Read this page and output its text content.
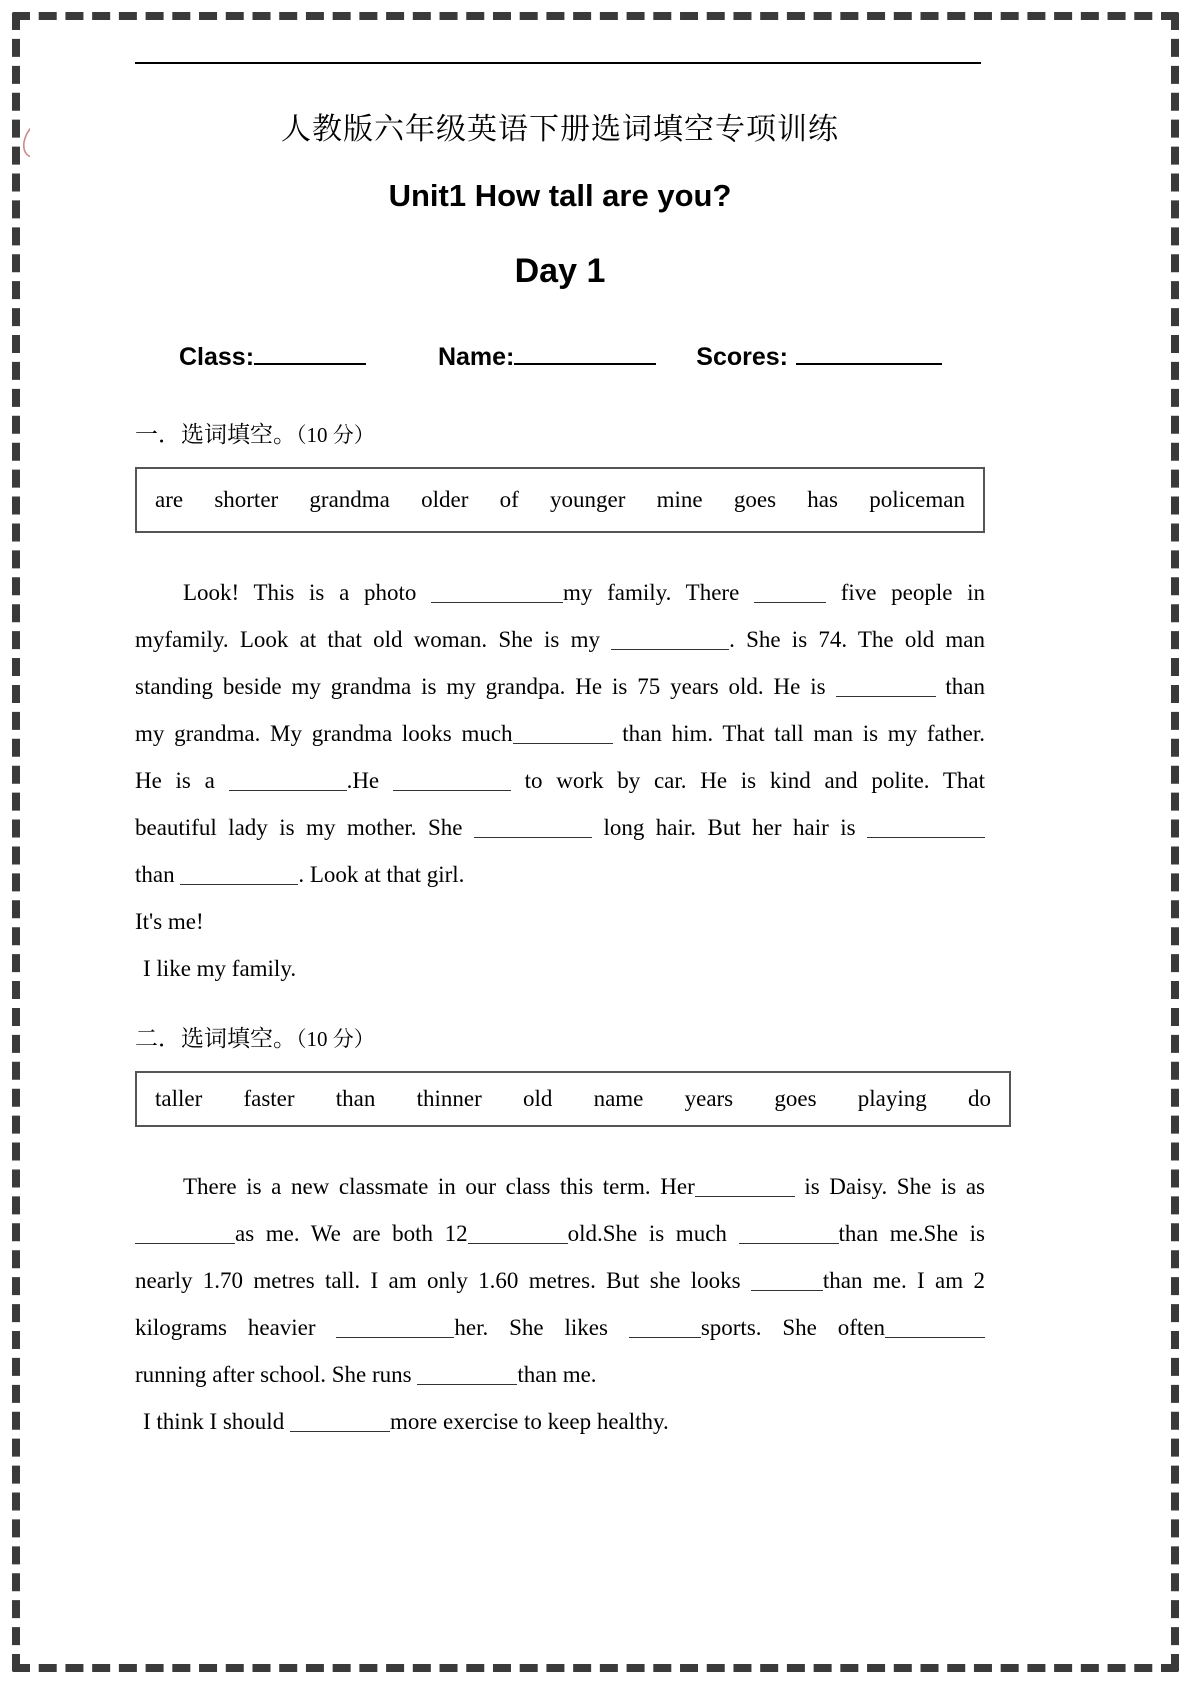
人教版六年级英语下册选词填空专项训练
Unit1 How tall are you?
Day 1
Class:	Name:	Scores:
一．选词填空。（10 分）
are shorter grandma older of younger mine goes has policeman

Look! This is a photo	my family. There	five people in

myfamily. Look at that old woman. She is my	. She is 74. The old man

standing beside my grandma is my grandpa. He is 75 years old. He is	than

my grandma. My grandma looks much	than him. That tall man is my father.

He is a	.He	to work by car. He is kind and polite. That

beautiful lady is my mother. She	long hair. But her hair is

than	. Look at that girl.

It's me!

I like my family.

二．选词填空。（10 分）
taller faster than thinner old name years goes playing do

There is a new classmate in our class this term. Her	is Daisy. She is as

as me. We are both 12	old.She is much	than me.She is

nearly 1.70 metres tall. I am only 1.60 metres. But she looks	than me. I am 2

kilograms heavier	her. She likes	sports. She often

running after school. She runs	than me.

I think I should	more exercise to keep healthy.
